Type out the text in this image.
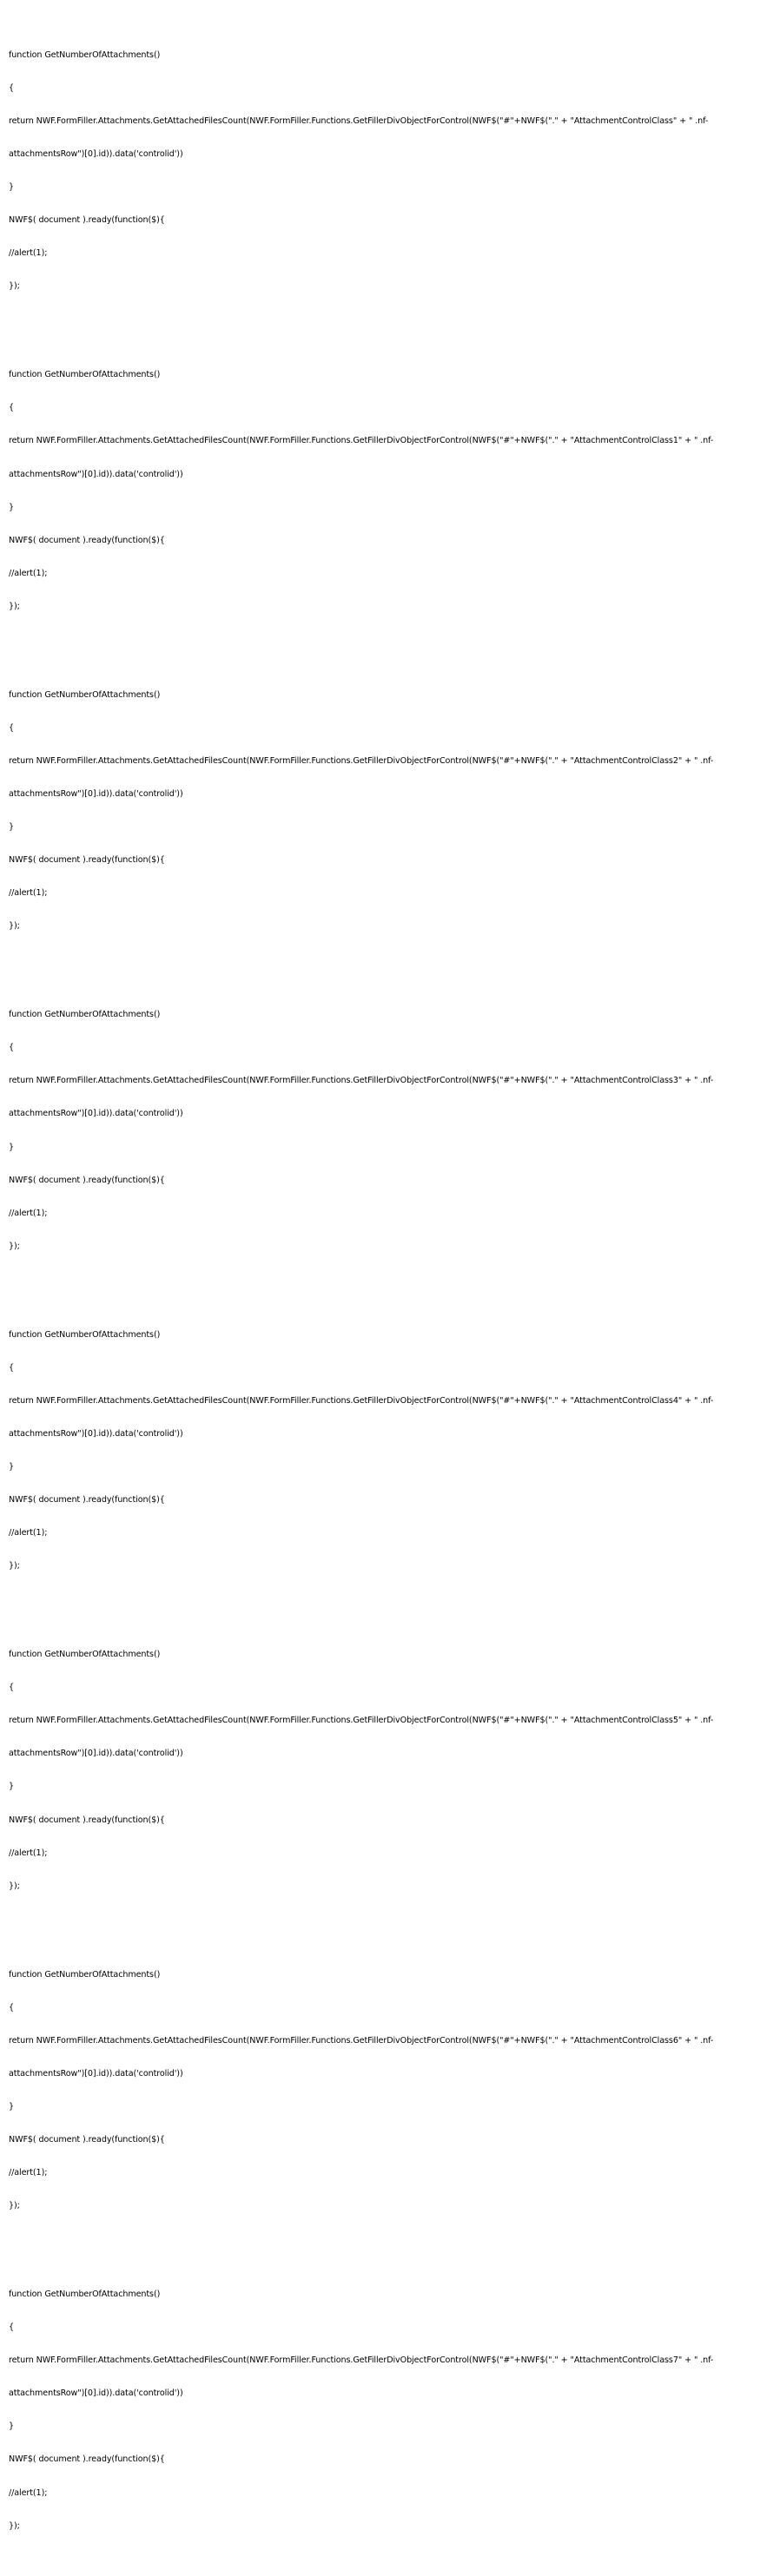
function GetNumberOfAttachments()

{

return NWF.FormFiller.Attachments.GetAttachedFilesCount(NWF.FormFiller.Functions.GetFillerDivObjectForControl(NWF$("#"+NWF$("." + "AttachmentControlClass" + " .nf-

attachmentsRow")[0].id)).data('controlid'))

}

NWF$( document ).ready(function($){

//alert(1);

});

function GetNumberOfAttachments()

{

return NWF.FormFiller.Attachments.GetAttachedFilesCount(NWF.FormFiller.Functions.GetFillerDivObjectForControl(NWF$("#"+NWF$("." + "AttachmentControlClass1" + " .nf-

attachmentsRow")[0].id)).data('controlid'))

}

NWF$( document ).ready(function($){

//alert(1);

});

function GetNumberOfAttachments()

{

return NWF.FormFiller.Attachments.GetAttachedFilesCount(NWF.FormFiller.Functions.GetFillerDivObjectForControl(NWF$("#"+NWF$("." + "AttachmentControlClass2" + " .nf-

attachmentsRow")[0].id)).data('controlid'))

}

NWF$( document ).ready(function($){

//alert(1);

});

function GetNumberOfAttachments()

{

return NWF.FormFiller.Attachments.GetAttachedFilesCount(NWF.FormFiller.Functions.GetFillerDivObjectForControl(NWF$("#"+NWF$("." + "AttachmentControlClass3" + " .nf-

attachmentsRow")[0].id)).data('controlid'))

}

NWF$( document ).ready(function($){

//alert(1);

});

function GetNumberOfAttachments()

{

return NWF.FormFiller.Attachments.GetAttachedFilesCount(NWF.FormFiller.Functions.GetFillerDivObjectForControl(NWF$("#"+NWF$("." + "AttachmentControlClass4" + " .nf-

attachmentsRow")[0].id)).data('controlid'))

}

NWF$( document ).ready(function($){

//alert(1);

});

function GetNumberOfAttachments()

{

return NWF.FormFiller.Attachments.GetAttachedFilesCount(NWF.FormFiller.Functions.GetFillerDivObjectForControl(NWF$("#"+NWF$("." + "AttachmentControlClass5" + " .nf-

attachmentsRow")[0].id)).data('controlid'))

}

NWF$( document ).ready(function($){

//alert(1);

});

function GetNumberOfAttachments()

{

return NWF.FormFiller.Attachments.GetAttachedFilesCount(NWF.FormFiller.Functions.GetFillerDivObjectForControl(NWF$("#"+NWF$("." + "AttachmentControlClass6" + " .nf-

attachmentsRow")[0].id)).data('controlid'))

}

NWF$( document ).ready(function($){

//alert(1);

});

function GetNumberOfAttachments()

{

return NWF.FormFiller.Attachments.GetAttachedFilesCount(NWF.FormFiller.Functions.GetFillerDivObjectForControl(NWF$("#"+NWF$("." + "AttachmentControlClass7" + " .nf-

attachmentsRow")[0].id)).data('controlid'))

}

NWF$( document ).ready(function($){

//alert(1);

});
